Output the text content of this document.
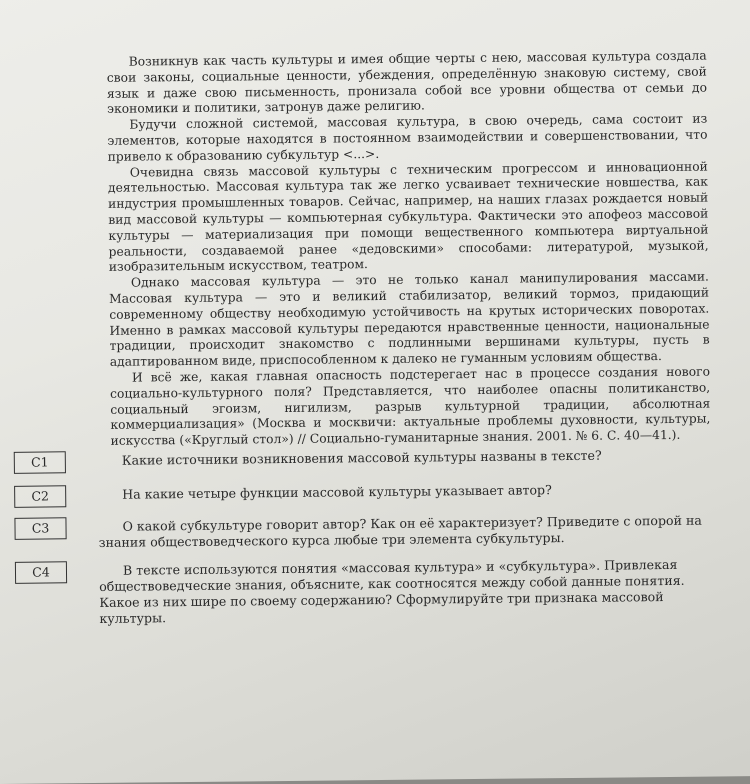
Возникнув как часть культуры и имея общие черты с нею, массовая культура создала свои законы, социальные ценности, убеждения, определённую знаковую систему, свой язык и даже свою письменность, пронизала собой все уровни общества от семьи до экономики и политики, затронув даже религию.

Будучи сложной системой, массовая культура, в свою очередь, сама состоит из элементов, которые находятся в постоянном взаимодействии и совершенствовании, что привело к образованию субкультур <...>.

Очевидна связь массовой культуры с техническим прогрессом и инновационной деятельностью. Массовая культура так же легко усваивает технические новшества, как индустрия промышленных товаров. Сейчас, например, на наших глазах рождается новый вид массовой культуры — компьютерная субкультура. Фактически это апофеоз массовой культуры — материализация при помощи вещественного компьютера виртуальной реальности, создаваемой ранее «дедовскими» способами: литературой, музыкой, изобразительным искусством, театром.

Однако массовая культура — это не только канал манипулирования массами. Массовая культура — это и великий стабилизатор, великий тормоз, придающий современному обществу необходимую устойчивость на крутых исторических поворотах. Именно в рамках массовой культуры передаются нравственные ценности, национальные традиции, происходит знакомство с подлинными вершинами культуры, пусть в адаптированном виде, приспособленном к далеко не гуманным условиям общества.

И всё же, какая главная опасность подстерегает нас в процессе создания нового социально-культурного поля? Представляется, что наиболее опасны политиканство, социальный эгоизм, нигилизм, разрыв культурной традиции, абсолютная коммерциализация» (Москва и москвичи: актуальные проблемы духовности, культуры, искусства («Круглый стол») // Социально-гуманитарные знания. 2001. № 6. С. 40—41.).

С1	Какие источники возникновения массовой культуры названы в тексте?
С2	На какие четыре функции массовой культуры указывает автор?
С3	О какой субкультуре говорит автор? Как он её характеризует? Приведите с опорой на знания обществоведческого курса любые три элемента субкультуры.
С4	В тексте используются понятия «массовая культура» и «субкультура». Привлекая обществоведческие знания, объясните, как соотносятся между собой данные понятия. Какое из них шире по своему содержанию? Сформулируйте три признака массовой культуры.
